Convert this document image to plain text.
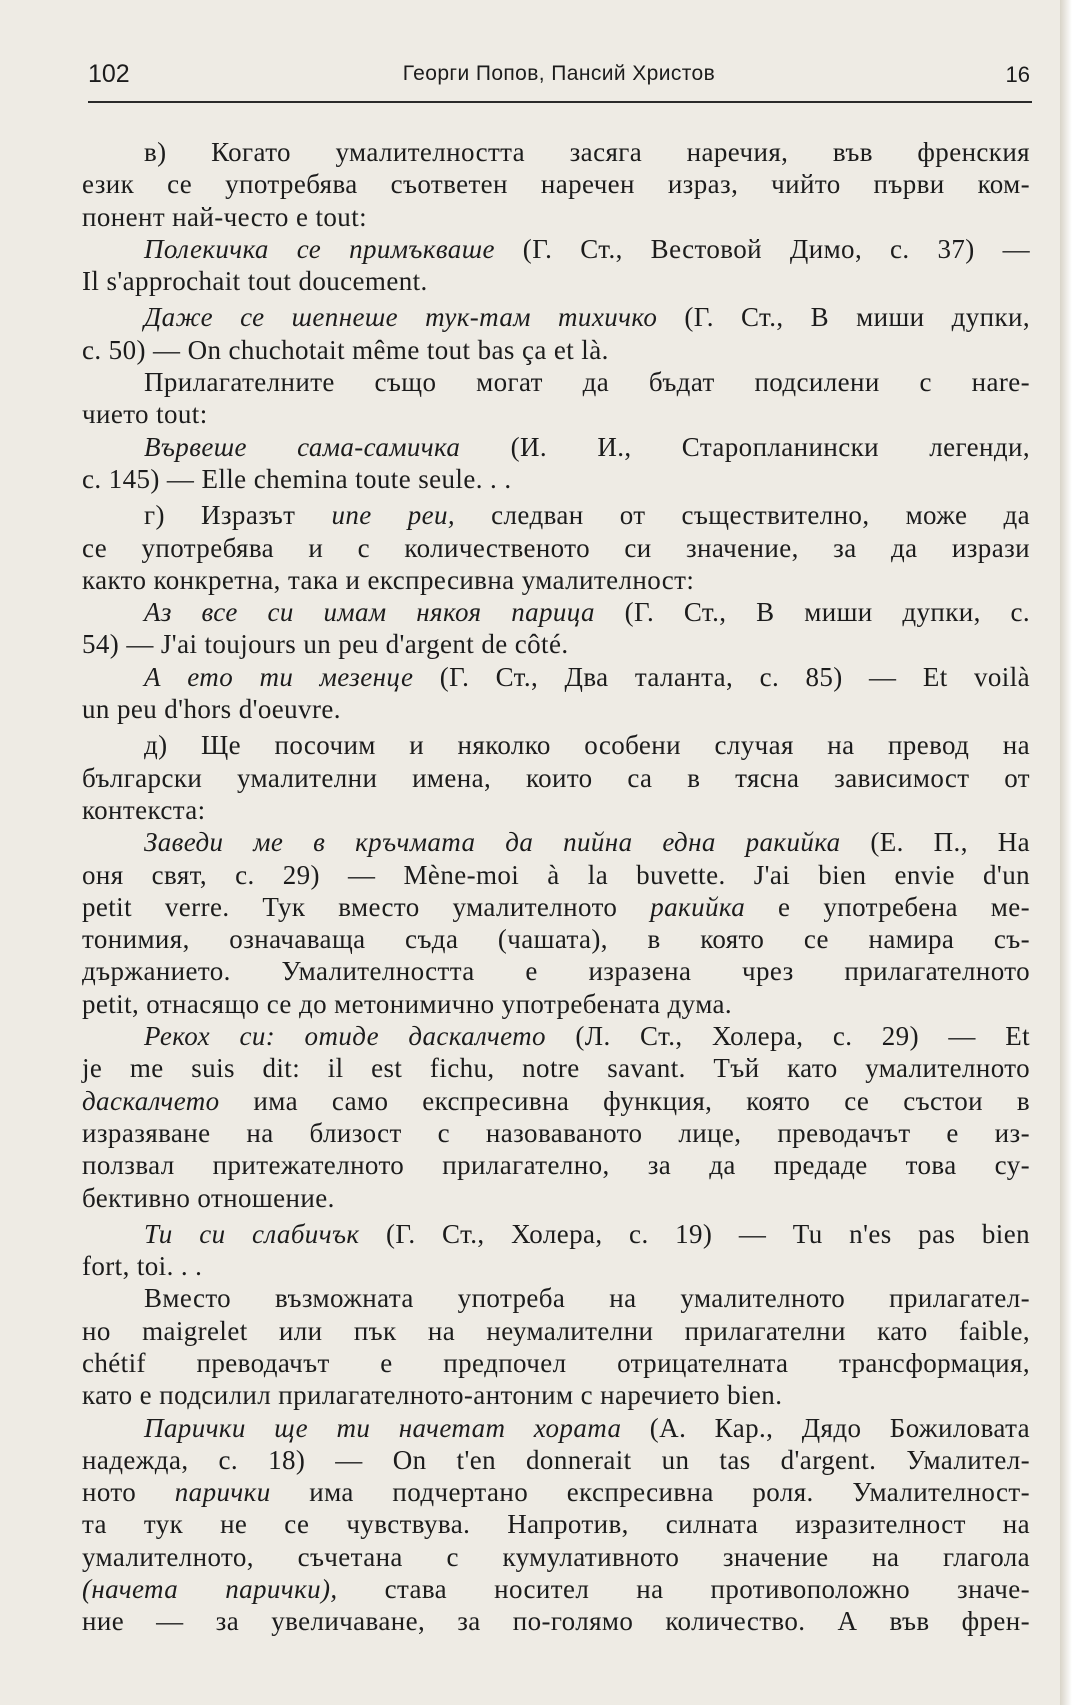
102	Георги Попов, Пансий Христов	16
в) Когато умалителността засяга наречия, във френския
език се употребява съответен наречен израз, чийто първи ком-
понент най-често е tout:
Полекичка се примъкваше (Г. Ст., Вестовой Димо, с. 37) —
Il s'approchait tout doucement.
Даже се шепнеше тук-там тихичко (Г. Ст., В миши дупки,
с. 50) — On chuchotait même tout bas ça et là.
Прилагателните също могат да бъдат подсилени с нare-
чието tout:
Вървеше сама-самичка (И. И., Старопланински легенди,
с. 145) — Elle chemina toute seule. . .
г) Изразът une peu, следван от съществително, може да
се употребява и с количественото си значение, за да изрази
както конкретна, така и експресивна умалителност:
Аз все си имам някоя парица (Г. Ст., В миши дупки, с.
54) — J'ai toujours un peu d'argent de côté.
А ето ти мезенце (Г. Ст., Два таланта, с. 85) — Et voilà
un peu d'hors d'oeuvre.
д) Ще посочим и няколко особени случая на превод на
български умалителни имена, които са в тясна зависимост от
контекста:
Заведи ме в кръчмата да пийна една ракийка (Е. П., На
оня свят, с. 29) — Mène-moi à la buvette. J'ai bien envie d'un
petit verre. Тук вместо умалителното ракийка е употребена ме-
тонимия, означаваща съда (чашата), в която се намира съ-
държанието. Умалителността е изразена чрез прилагателното
petit, отнасящо се до метонимично употребената дума.
Рекох си: отиде даскалчето (Л. Ст., Холера, с. 29) — Et
je me suis dit: il est fichu, notre savant. Тъй като умалителното
даскалчето има само експресивна функция, която се състои в
изразяване на близост с назоваваното лице, преводачът е из-
ползвал притежателното прилагателно, за да предаде това су-
бективно отношение.
Ти си слабичък (Г. Ст., Холера, с. 19) — Tu n'es pas bien
fort, toi. . .
Вместо възможната употреба на умалителното прилагател-
но maigrelet или пък на неумалителни прилагателни като faible,
chétif преводачът е предпочел отрицателната трансформация,
като е подсилил прилагателното-антоним с наречието bien.
Парички ще ти начетат хората (А. Кар., Дядо Божиловата
надежда, с. 18) — On t'en donnerait un tas d'argent. Умалител-
ното парички има подчертано експресивна роля. Умалителност-
та тук не се чувствува. Напротив, силната изразителност на
умалителното, съчетана с кумулативното значение на глагола
(начета парички), става носител на противоположно значе-
ние — за увеличаване, за по-голямо количество. А във френ-
